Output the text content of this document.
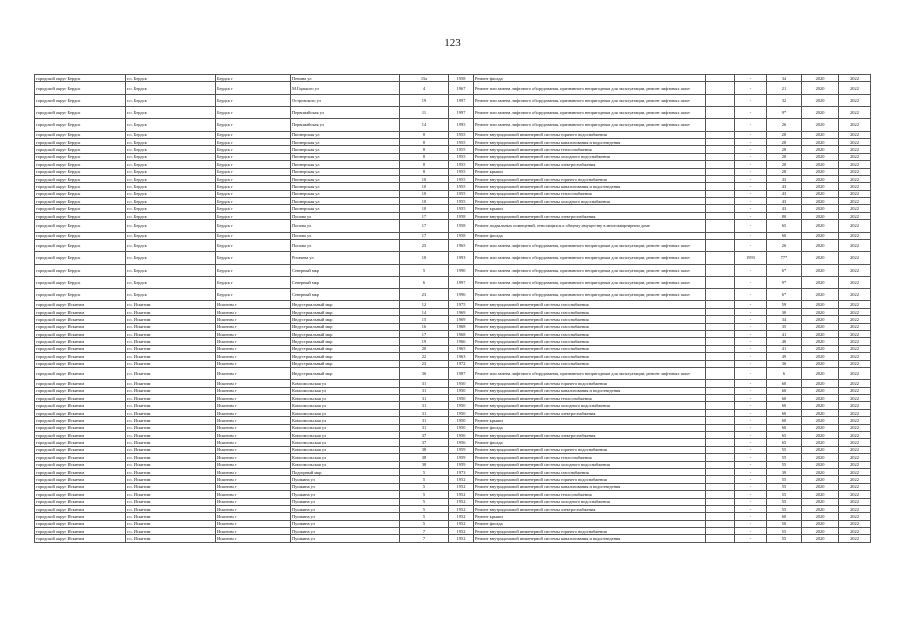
123
городской округ Бердск	г.о. Бердск	Бердск г	Пенина ул	15а	1958	Ремонт фасада		-	34	2020	2022
городской округ Бердск	г.о. Бердск	Бердск г	М.Горького ул	4	1967	Ремонт или замена лифтового оборудования, признанного непригодным для эксплуатации, ремонт лифтовых шахт		-	21	2020	2022
городской округ Бердск	г.о. Бердск	Бердск г	Островского ул	19	1997	Ремонт или замена лифтового оборудования, признанного непригодным для эксплуатации, ремонт лифтовых шахт		-	32	2020	2022
городской округ Бердск	г.о. Бердск	Бердск г	Первомайская ул	11	1997	Ремонт или замена лифтового оборудования, признанного непригодным для эксплуатации, ремонт лифтовых шахт		-	9*	2020	2022
городской округ Бердск	г.о. Бердск	Бердск г	Первомайская ул	14	1995	Ремонт или замена лифтового оборудования, признанного непригодным для эксплуатации, ремонт лифтовых шахт		-	26	2020	2022
городской округ Бердск	г.о. Бердск	Бердск г	Пионерская ул	8	1955	Ремонт внутридомовой инженерной системы горячего водоснабжения		-	28	2020	2022
городской округ Бердск	г.о. Бердск	Бердск г	Пионерская ул	8	1955	Ремонт внутридомовой инженерной системы канализования и водоотведения		-	28	2020	2022
городской округ Бердск	г.о. Бердск	Бердск г	Пионерская ул	8	1955	Ремонт внутридомовой инженерной системы теплоснабжения		-	28	2020	2022
городской округ Бердск	г.о. Бердск	Бердск г	Пионерская ул	8	1955	Ремонт внутридомовой инженерной системы холодного водоснабжения		-	28	2020	2022
городской округ Бердск	г.о. Бердск	Бердск г	Пионерская ул	8	1955	Ремонт внутридомовой инженерной системы электроснабжения		-	28	2020	2022
городской округ Бердск	г.о. Бердск	Бердск г	Пионерская ул	8	1955	Ремонт крыши		-	28	2020	2022
городской округ Бердск	г.о. Бердск	Бердск г	Пионерская ул	10	1955	Ремонт внутридомовой инженерной системы горячего водоснабжения		-	43	2020	2022
городской округ Бердск	г.о. Бердск	Бердск г	Пионерская ул	10	1955	Ремонт внутридомовой инженерной системы канализования и водоотведения		-	43	2020	2022
городской округ Бердск	г.о. Бердск	Бердск г	Пионерская ул	10	1955	Ремонт внутридомовой инженерной системы теплоснабжения		-	43	2020	2022
городской округ Бердск	г.о. Бердск	Бердск г	Пионерская ул	10	1955	Ремонт внутридомовой инженерной системы холодного водоснабжения		-	43	2020	2022
городской округ Бердск	г.о. Бердск	Бердск г	Пионерская ул	10	1955	Ремонт крыши		-	43	2020	2022
городской округ Бердск	г.о. Бердск	Бердск г	Попова ул	17	1958	Ремонт внутридомовой инженерной системы электроснабжения		-	80	2020	2022
городской округ Бердск	г.о. Бердск	Бердск г	Попова ул	17	1958	Ремонт подвальных помещений, относящихся к общему имуществу в многоквартирном доме		-	65	2020	2022
городской округ Бердск	г.о. Бердск	Бердск г	Попова ул	17	1958	Ремонт фасада		-	60	2020	2022
городской округ Бердск	г.о. Бердск	Бердск г	Попова ул	25	1965	Ремонт или замена лифтового оборудования, признанного непригодным для эксплуатации, ремонт лифтовых шахт		-	26	2020	2022
городской округ Бердск	г.о. Бердск	Бердск г	Рогачева ул	10	1993	Ремонт или замена лифтового оборудования, признанного непригодным для эксплуатации, ремонт лифтовых шахт		1993	77*	2020	2022
городской округ Бердск	г.о. Бердск	Бердск г	Северный мкр	5	1990	Ремонт или замена лифтового оборудования, признанного непригодным для эксплуатации, ремонт лифтовых шахт		-	6*	2020	2022
городской округ Бердск	г.о. Бердск	Бердск г	Северный мкр	6	1997	Ремонт или замена лифтового оборудования, признанного непригодным для эксплуатации, ремонт лифтовых шахт		-	9*	2020	2022
городской округ Бердск	г.о. Бердск	Бердск г	Северный мкр	23	1996	Ремонт или замена лифтового оборудования, признанного непригодным для эксплуатации, ремонт лифтовых шахт		-	6*	2020	2022
городской округ Искитим	г.о. Искитим	Искитим г	Индустриальный мкр	12	1975	Ремонт внутридомовой инженерной системы газоснабжения		-	59	2020	2022
городской округ Искитим	г.о. Искитим	Искитим г	Индустриальный мкр	14	1969	Ремонт внутридомовой инженерной системы газоснабжения		-	30	2020	2022
городской округ Искитим	г.о. Искитим	Искитим г	Индустриальный мкр	15	1969	Ремонт внутридомовой инженерной системы газоснабжения		-	34	2020	2022
городской округ Искитим	г.о. Искитим	Искитим г	Индустриальный мкр	16	1968	Ремонт внутридомовой инженерной системы газоснабжения		-	35	2020	2022
городской округ Искитим	г.о. Искитим	Искитим г	Индустриальный мкр	17	1968	Ремонт внутридомовой инженерной системы газоснабжения		-	41	2020	2022
городской округ Искитим	г.о. Искитим	Искитим г	Индустриальный мкр	19	1966	Ремонт внутридомовой инженерной системы газоснабжения		-	40	2020	2022
городской округ Искитим	г.о. Искитим	Искитим г	Индустриальный мкр	20	1965	Ремонт внутридомовой инженерной системы газоснабжения		-	41	2020	2022
городской округ Искитим	г.о. Искитим	Искитим г	Индустриальный мкр	22	1963	Ремонт внутридомовой инженерной системы газоснабжения		-	49	2020	2022
городской округ Искитим	г.о. Искитим	Искитим г	Индустриальный мкр	23	1972	Ремонт внутридомовой инженерной системы газоснабжения		-	36	2020	2022
городской округ Искитим	г.о. Искитим	Искитим г	Индустриальный мкр	36	1987	Ремонт или замена лифтового оборудования, признанного непригодным для эксплуатации, ремонт лифтовых шахт		-	6	2020	2022
городской округ Искитим	г.о. Искитим	Искитим г	Комсомольская ул	31	1950	Ремонт внутридомовой инженерной системы горячего водоснабжения		-	60	2020	2022
городской округ Искитим	г.о. Искитим	Искитим г	Комсомольская ул	31	1950	Ремонт внутридомовой инженерной системы канализования и водоотведения		-	60	2020	2022
городской округ Искитим	г.о. Искитим	Искитим г	Комсомольская ул	31	1950	Ремонт внутридомовой инженерной системы теплоснабжения		-	60	2020	2022
городской округ Искитим	г.о. Искитим	Искитим г	Комсомольская ул	31	1950	Ремонт внутридомовой инженерной системы холодного водоснабжения		-	60	2020	2022
городской округ Искитим	г.о. Искитим	Искитим г	Комсомольская ул	31	1950	Ремонт внутридомовой инженерной системы электроснабжения		-	60	2020	2022
городской округ Искитим	г.о. Искитим	Искитим г	Комсомольская ул	31	1950	Ремонт крыши		-	60	2020	2022
городской округ Искитим	г.о. Искитим	Искитим г	Комсомольская ул	31	1950	Ремонт фасада		-	60	2020	2022
городской округ Искитим	г.о. Искитим	Искитим г	Комсомольская ул	37	1956	Ремонт внутридомовой инженерной системы электроснабжения		-	65	2020	2022
городской округ Искитим	г.о. Искитим	Искитим г	Комсомольская ул	37	1956	Ремонт фасада		-	65	2020	2022
городской округ Искитим	г.о. Искитим	Искитим г	Комсомольская ул	38	1959	Ремонт внутридомовой инженерной системы горячего водоснабжения		-	55	2020	2022
городской округ Искитим	г.о. Искитим	Искитим г	Комсомольская ул	38	1959	Ремонт внутридомовой инженерной системы теплоснабжения		-	55	2020	2022
городской округ Искитим	г.о. Искитим	Искитим г	Комсомольская ул	38	1959	Ремонт внутридомовой инженерной системы холодного водоснабжения		-	55	2020	2022
городской округ Искитим	г.о. Искитим	Искитим г	Подгорный мкр	5	1973	Ремонт внутридомовой инженерной системы газоснабжения		-	39	2020	2022
городской округ Искитим	г.о. Искитим	Искитим г	Пушкина ул	5	1952	Ремонт внутридомовой инженерной системы горячего водоснабжения		-	55	2020	2022
городской округ Искитим	г.о. Искитим	Искитим г	Пушкина ул	5	1952	Ремонт внутридомовой инженерной системы канализования и водоотведения		-	55	2020	2022
городской округ Искитим	г.о. Искитим	Искитим г	Пушкина ул	5	1952	Ремонт внутридомовой инженерной системы теплоснабжения		-	55	2020	2022
городской округ Искитим	г.о. Искитим	Искитим г	Пушкина ул	5	1952	Ремонт внутридомовой инженерной системы холодного водоснабжения		-	55	2020	2022
городской округ Искитим	г.о. Искитим	Искитим г	Пушкина ул	5	1952	Ремонт внутридомовой инженерной системы электроснабжения		-	55	2020	2022
городской округ Искитим	г.о. Искитим	Искитим г	Пушкина ул	5	1952	Ремонт крыши		-	60	2020	2022
городской округ Искитим	г.о. Искитим	Искитим г	Пушкина ул	5	1952	Ремонт фасада		-	50	2020	2022
городской округ Искитим	г.о. Искитим	Искитим г	Пушкина ул	7	1952	Ремонт внутридомовой инженерной системы горячего водоснабжения		-	55	2020	2022
городской округ Искитим	г.о. Искитим	Искитим г	Пушкина ул	7	1952	Ремонт внутридомовой инженерной системы канализования и водоотведения		-	55	2020	2022
